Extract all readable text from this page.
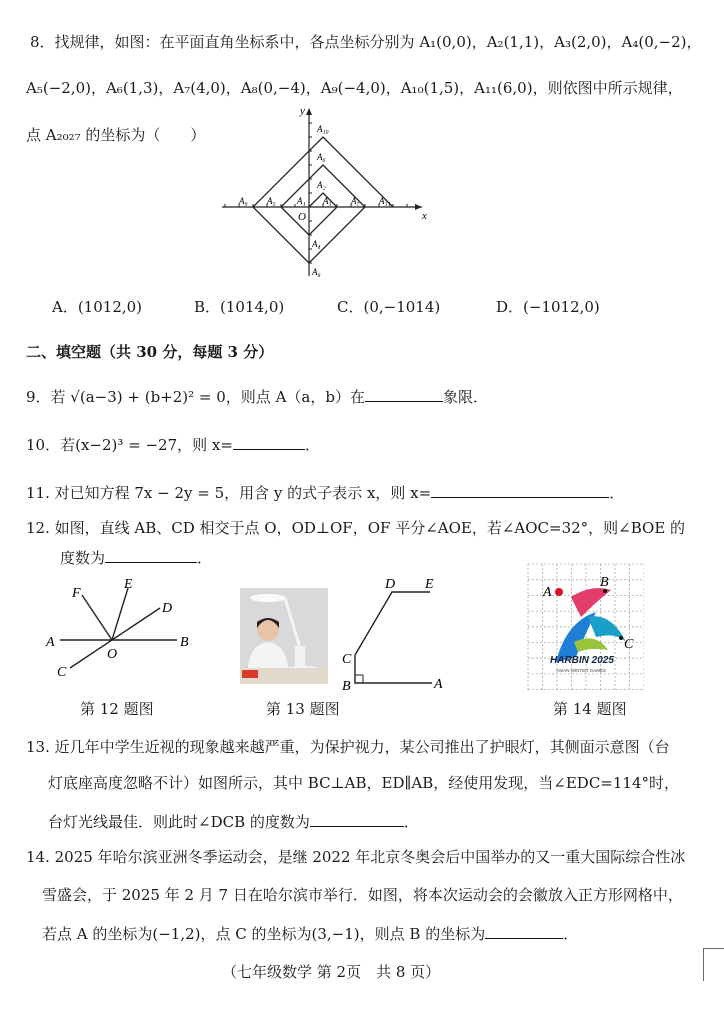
8．找规律，如图：在平面直角坐标系中，各点坐标分别为 A₁(0,0)，A₂(1,1)，A₃(2,0)，A₄(0,−2)，
A₅(−2,0)，A₆(1,3)，A₇(4,0)，A₈(0,−4)，A₉(−4,0)，A₁₀(1,5)，A₁₁(6,0)，则依图中所示规律，
点 A₂₀₂₇ 的坐标为（　　）
A₁
A₂
A₃
A₄
A₅
A₆
A₇
A₈
A₉
A₁₀
A₁₁
x
y
O
A．(1012,0)	B．(1014,0)	C．(0,−1014)	D．(−1012,0)
二、填空题（共 30 分，每题 3 分）
9．若 √(a−3) + (b+2)² = 0，则点 A（a，b）在	象限．
10．若(x−2)³ = −27，则 x=	．
11. 对已知方程 7x − 2y = 5，用含 y 的式子表示 x，则 x=	．
12. 如图，直线 AB、CD 相交于点 O，OD⊥OF，OF 平分∠AOE，若∠AOC=32°，则∠BOE 的
度数为	．
A	B
C
D
E
F
O
D E
C
B	A
A
B
C
HARBIN 2025
ASIAN WINTER GAMES
第 12 题图	第 13 题图	第 14 题图
13. 近几年中学生近视的现象越来越严重，为保护视力，某公司推出了护眼灯，其侧面示意图（台
灯底座高度忽略不计）如图所示，其中 BC⊥AB，ED∥AB，经使用发现，当∠EDC=114°时，
台灯光线最佳．则此时∠DCB 的度数为	．
14. 2025 年哈尔滨亚洲冬季运动会，是继 2022 年北京冬奥会后中国举办的又一重大国际综合性冰
雪盛会，于 2025 年 2 月 7 日在哈尔滨市举行．如图，将本次运动会的会徽放入正方形网格中，
若点 A 的坐标为(−1,2)，点 C 的坐标为(3,−1)，则点 B 的坐标为	．
（七年级数学 第 2页　共 8 页）
